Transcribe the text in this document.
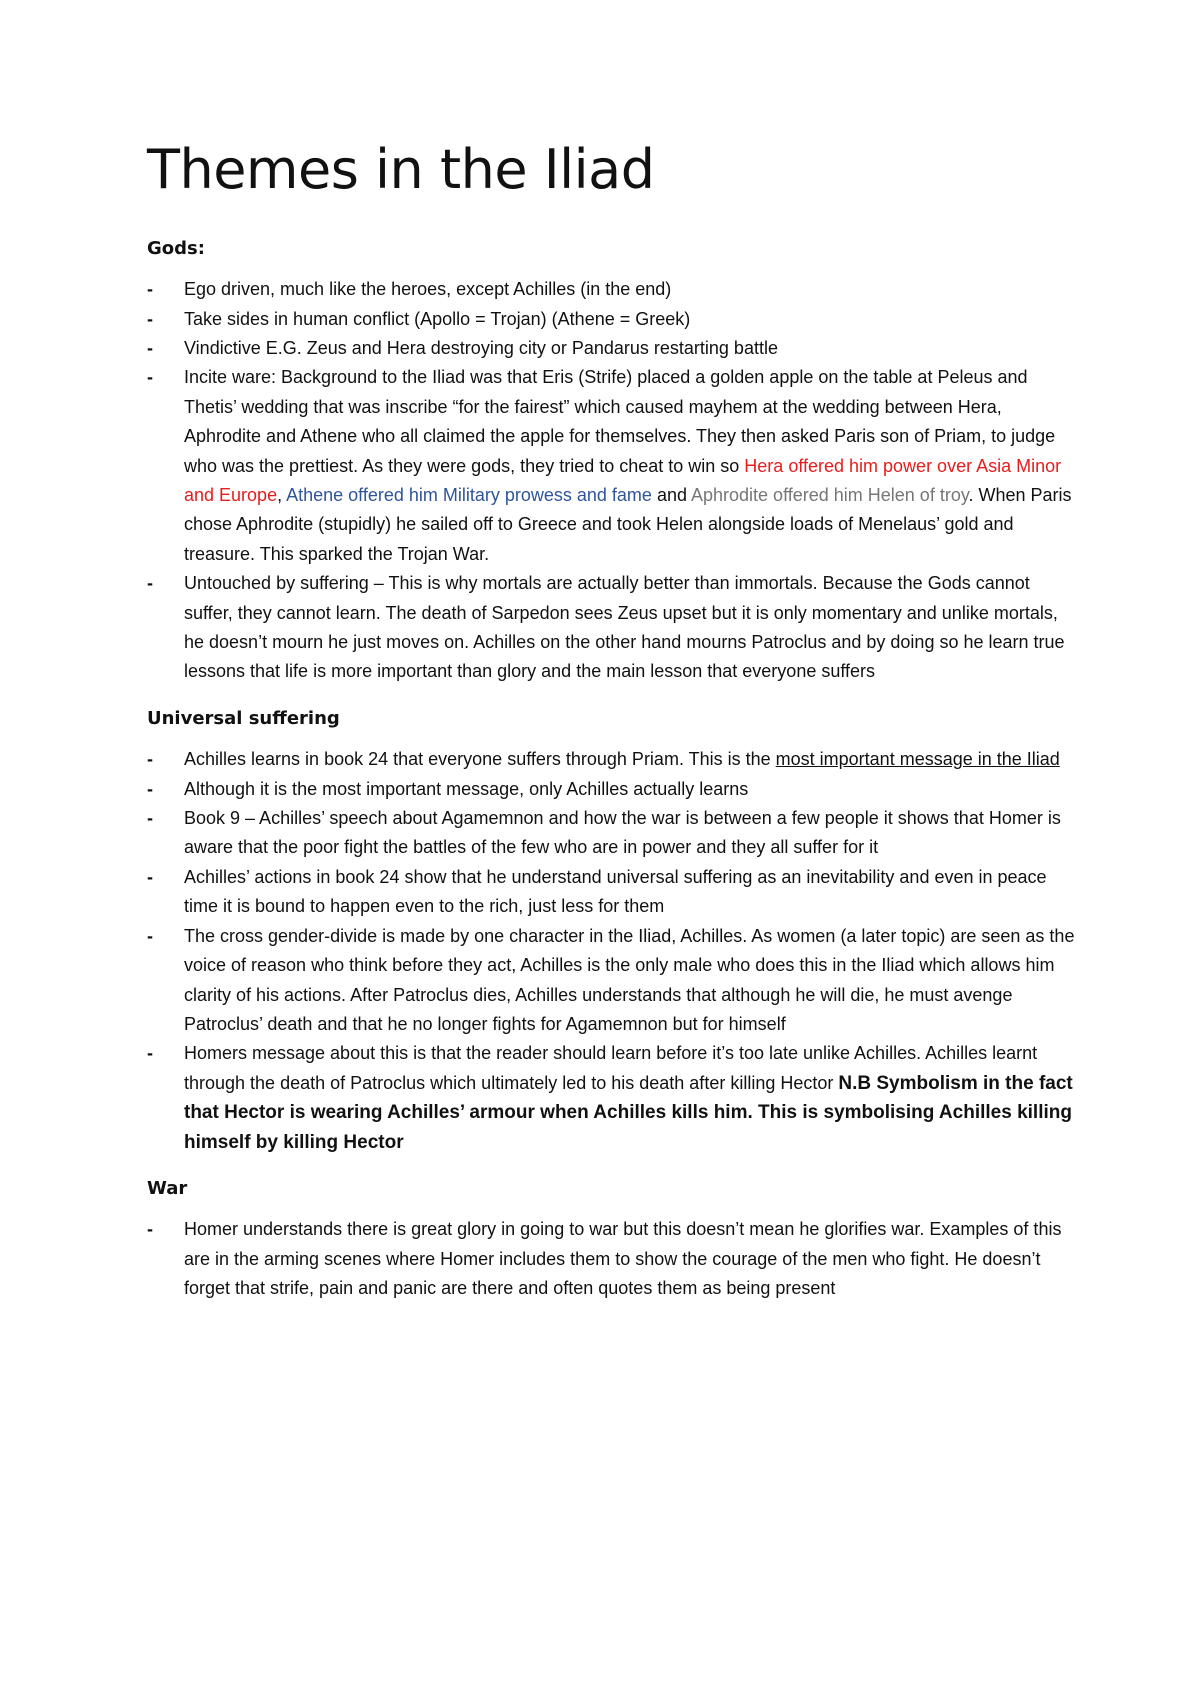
Themes in the Iliad
Gods:
- Ego driven, much like the heroes, except Achilles (in the end)
- Take sides in human conflict (Apollo = Trojan) (Athene = Greek)
- Vindictive E.G. Zeus and Hera destroying city or Pandarus restarting battle
- Incite ware: Background to the Iliad was that Eris (Strife) placed a golden apple on the table at Peleus and Thetis’ wedding that was inscribe “for the fairest” which caused mayhem at the wedding between Hera, Aphrodite and Athene who all claimed the apple for themselves. They then asked Paris son of Priam, to judge who was the prettiest. As they were gods, they tried to cheat to win so Hera offered him power over Asia Minor and Europe, Athene offered him Military prowess and fame and Aphrodite offered him Helen of troy. When Paris chose Aphrodite (stupidly) he sailed off to Greece and took Helen alongside loads of Menelaus’ gold and treasure. This sparked the Trojan War.
- Untouched by suffering – This is why mortals are actually better than immortals. Because the Gods cannot suffer, they cannot learn. The death of Sarpedon sees Zeus upset but it is only momentary and unlike mortals, he doesn’t mourn he just moves on. Achilles on the other hand mourns Patroclus and by doing so he learn true lessons that life is more important than glory and the main lesson that everyone suffers
Universal suffering
- Achilles learns in book 24 that everyone suffers through Priam. This is the most important message in the Iliad
- Although it is the most important message, only Achilles actually learns
- Book 9 – Achilles’ speech about Agamemnon and how the war is between a few people it shows that Homer is aware that the poor fight the battles of the few who are in power and they all suffer for it
- Achilles’ actions in book 24 show that he understand universal suffering as an inevitability and even in peace time it is bound to happen even to the rich, just less for them
- The cross gender-divide is made by one character in the Iliad, Achilles. As women (a later topic) are seen as the voice of reason who think before they act, Achilles is the only male who does this in the Iliad which allows him clarity of his actions. After Patroclus dies, Achilles understands that although he will die, he must avenge Patroclus’ death and that he no longer fights for Agamemnon but for himself
- Homers message about this is that the reader should learn before it’s too late unlike Achilles. Achilles learnt through the death of Patroclus which ultimately led to his death after killing Hector N.B Symbolism in the fact that Hector is wearing Achilles’ armour when Achilles kills him. This is symbolising Achilles killing himself by killing Hector
War
- Homer understands there is great glory in going to war but this doesn’t mean he glorifies war. Examples of this are in the arming scenes where Homer includes them to show the courage of the men who fight. He doesn’t forget that strife, pain and panic are there and often quotes them as being present
